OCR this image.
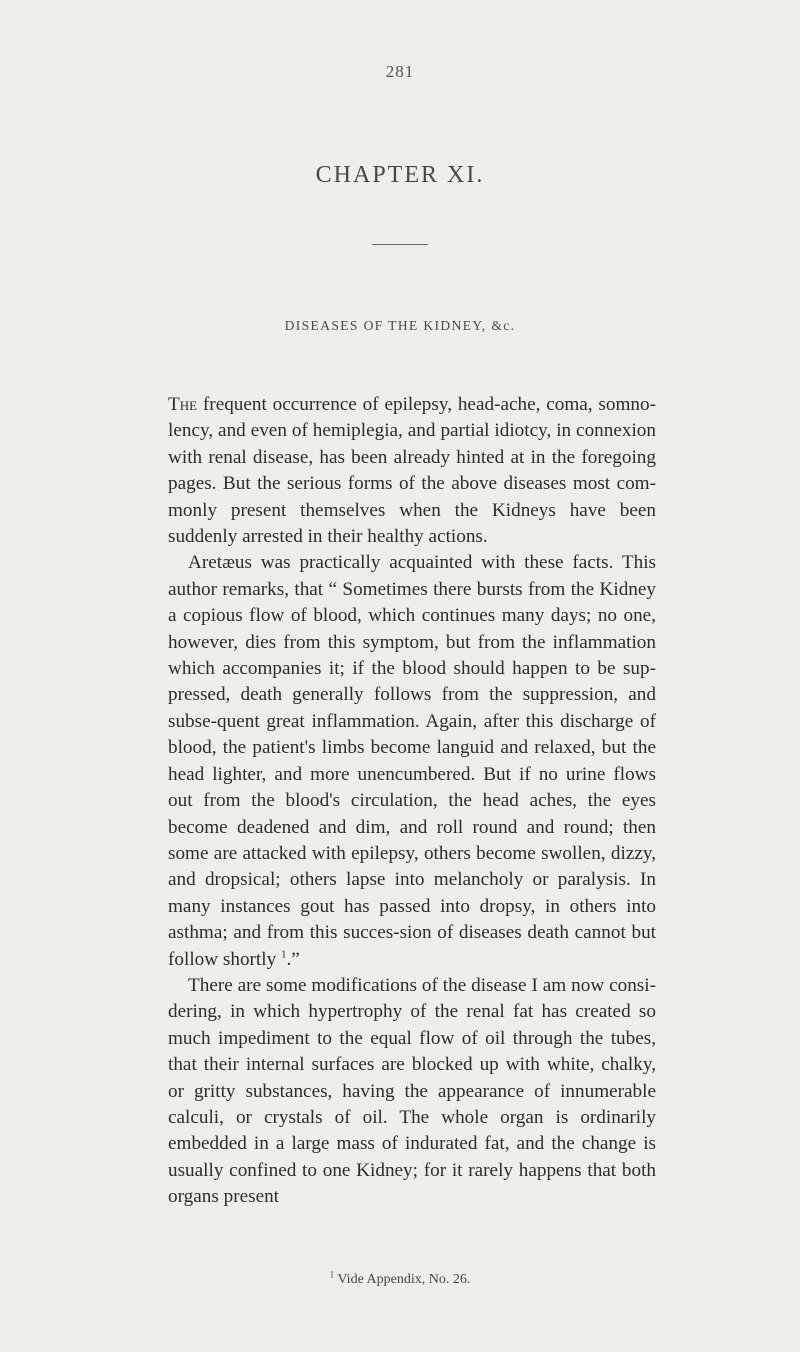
281
CHAPTER XI.
DISEASES OF THE KIDNEY, &c.

The frequent occurrence of epilepsy, head-ache, coma, somno-lency, and even of hemiplegia, and partial idiotcy, in connexion with renal disease, has been already hinted at in the foregoing pages. But the serious forms of the above diseases most com-monly present themselves when the Kidneys have been suddenly arrested in their healthy actions.

Aretæus was practically acquainted with these facts. This author remarks, that “ Sometimes there bursts from the Kidney a copious flow of blood, which continues many days; no one, however, dies from this symptom, but from the inflammation which accompanies it; if the blood should happen to be sup-pressed, death generally follows from the suppression, and subse-quent great inflammation. Again, after this discharge of blood, the patient's limbs become languid and relaxed, but the head lighter, and more unencumbered. But if no urine flows out from the blood's circulation, the head aches, the eyes become deadened and dim, and roll round and round; then some are attacked with epilepsy, others become swollen, dizzy, and dropsical; others lapse into melancholy or paralysis. In many instances gout has passed into dropsy, in others into asthma; and from this succes-sion of diseases death cannot but follow shortly $^1$.”

There are some modifications of the disease I am now consi-dering, in which hypertrophy of the renal fat has created so much impediment to the equal flow of oil through the tubes, that their internal surfaces are blocked up with white, chalky, or gritty substances, having the appearance of innumerable calculi, or crystals of oil. The whole organ is ordinarily embedded in a large mass of indurated fat, and the change is usually confined to one Kidney; for it rarely happens that both organs present

$^1$ Vide Appendix, No. 26.
